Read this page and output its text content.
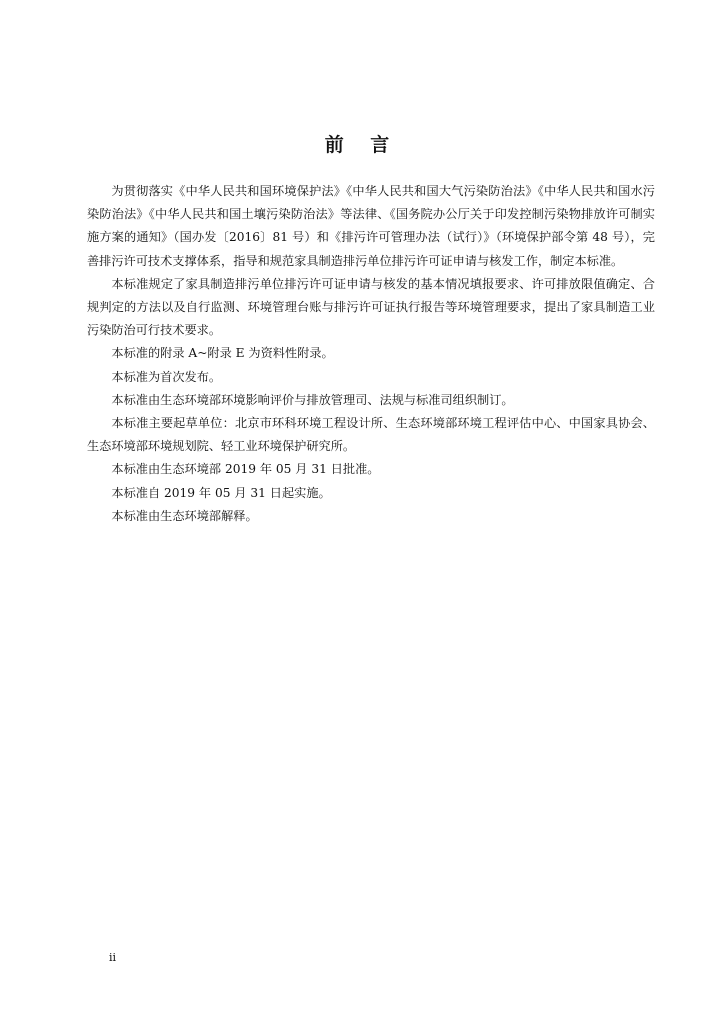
前 言

为贯彻落实《中华人民共和国环境保护法》《中华人民共和国大气污染防治法》《中华人民共和国水污染防治法》《中华人民共和国土壤污染防治法》等法律、《国务院办公厅关于印发控制污染物排放许可制实施方案的通知》（国办发〔2016〕81 号）和《排污许可管理办法（试行）》（环境保护部令第 48 号），完善排污许可技术支撑体系，指导和规范家具制造排污单位排污许可证申请与核发工作，制定本标准。

本标准规定了家具制造排污单位排污许可证申请与核发的基本情况填报要求、许可排放限值确定、合规判定的方法以及自行监测、环境管理台账与排污许可证执行报告等环境管理要求，提出了家具制造工业污染防治可行技术要求。

本标准的附录 A~附录 E 为资料性附录。

本标准为首次发布。

本标准由生态环境部环境影响评价与排放管理司、法规与标准司组织制订。

本标准主要起草单位：北京市环科环境工程设计所、生态环境部环境工程评估中心、中国家具协会、生态环境部环境规划院、轻工业环境保护研究所。

本标准由生态环境部 2019 年 05 月 31 日批准。

本标准自 2019 年 05 月 31 日起实施。

本标准由生态环境部解释。

ii
